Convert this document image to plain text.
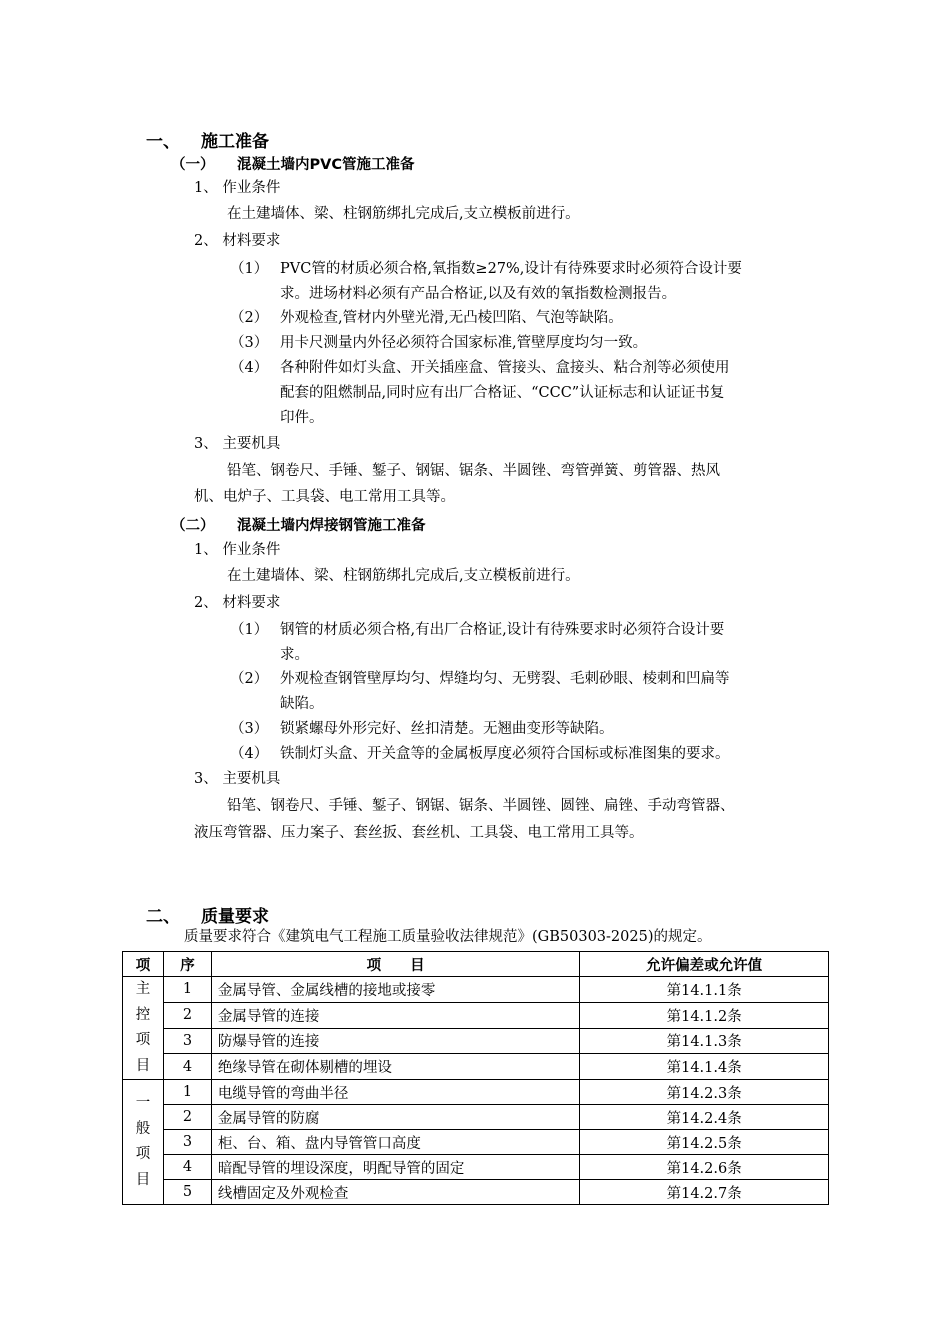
一、 施工准备
（一） 混凝土墙内PVC管施工准备
1、 作业条件
在土建墙体、梁、柱钢筋绑扎完成后,支立模板前进行。
2、 材料要求
（1） PVC管的材质必须合格,氧指数≥27%,设计有待殊要求时必须符合设计要
求。进场材料必须有产品合格证,以及有效的氧指数检测报告。
（2） 外观检查,管材内外壁光滑,无凸棱凹陷、气泡等缺陷。
（3） 用卡尺测量内外径必须符合国家标准,管壁厚度均匀一致。
（4） 各种附件如灯头盒、开关插座盒、管接头、盒接头、粘合剂等必须使用
配套的阻燃制品,同时应有出厂合格证、“CCC”认证标志和认证证书复
印件。
3、 主要机具
铅笔、钢卷尺、手锤、錾子、钢锯、锯条、半圆锉、弯管弹簧、剪管器、热风
机、电炉子、工具袋、电工常用工具等。
（二） 混凝土墙内焊接钢管施工准备
1、 作业条件
在土建墙体、梁、柱钢筋绑扎完成后,支立模板前进行。
2、 材料要求
（1） 钢管的材质必须合格,有出厂合格证,设计有待殊要求时必须符合设计要
求。
（2） 外观检查钢管壁厚均匀、焊缝均匀、无劈裂、毛刺砂眼、棱刺和凹扁等
缺陷。
（3） 锁紧螺母外形完好、丝扣清楚。无翘曲变形等缺陷。
（4） 铁制灯头盒、开关盒等的金属板厚度必须符合国标或标准图集的要求。
3、 主要机具
铅笔、钢卷尺、手锤、錾子、钢锯、锯条、半圆锉、圆锉、扁锉、手动弯管器、
液压弯管器、压力案子、套丝扳、套丝机、工具袋、电工常用工具等。
二、 质量要求
质量要求符合《建筑电气工程施工质量验收法律规范》(GB50303-2025)的规定。
项	序	项　　目	允许偏差或允许值

主
控
项
目	1	金属导管、金属线槽的接地或接零	第14.1.1条
	2	金属导管的连接	第14.1.2条
	3	防爆导管的连接	第14.1.3条
	4	绝缘导管在砌体剔槽的埋设	第14.1.4条

一
般
项
目	1	电缆导管的弯曲半径	第14.2.3条
	2	金属导管的防腐	第14.2.4条
	3	柜、台、箱、盘内导管管口高度	第14.2.5条
	4	暗配导管的埋设深度，明配导管的固定	第14.2.6条
	5	线槽固定及外观检查	第14.2.7条
